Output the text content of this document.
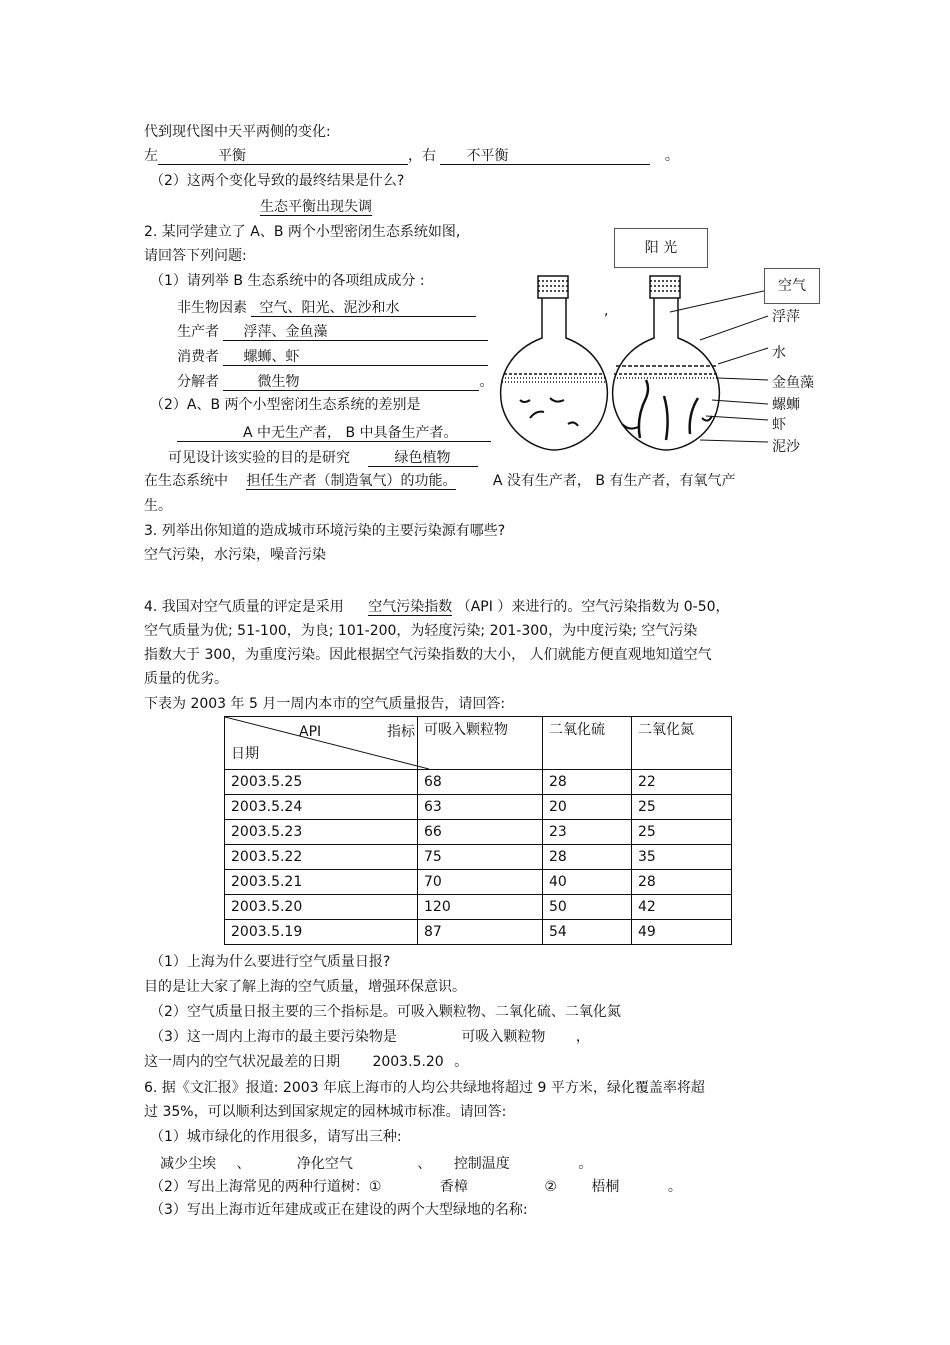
代到现代图中天平两侧的变化:
左	平衡	，右 不平衡	。
（2）这两个变化导致的最终结果是什么?
生态平衡出现失调
2. 某同学建立了 A、B 两个小型密闭生态系统如图,
请回答下列问题:
（1）请列举 B 生态系统中的各项组成成分 :
非生物因素 空气、阳光、泥沙和水	,
生产者 浮萍、金鱼藻
消费者 螺蛳、虾
分解者	微生物	。
（2）A、B 两个小型密闭生态系统的差别是
A 中无生产者， B 中具备生产者。
可见设计该实验的目的是研究	绿色植物
在生态系统中 担任生产者（制造氧气）的功能。	A 没有生产者， B 有生产者，有氧气产
生。
阳 光
空气
浮萍
水
金鱼藻
螺蛳
虾
泥沙
3. 列举出你知道的造成城市环境污染的主要污染源有哪些?
空气污染，水污染，噪音污染
4. 我国对空气质量的评定是采用 空气污染指数 （API ）来进行的。空气污染指数为 0-50，
空气质量为优; 51-100，为良; 101-200，为轻度污染; 201-300，为中度污染; 空气污染
指数大于 300，为重度污染。因此根据空气污染指数的大小， 人们就能方便直观地知道空气
质量的优劣。
下表为 2003 年 5 月一周内本市的空气质量报告，请回答:
API 指标
日期	可吸入颗粒物	二氧化硫	二氧化氮
2003.5.25	68	28	22
2003.5.24	63	20	25
2003.5.23	66	23	25
2003.5.22	75	28	35
2003.5.21	70	40	28
2003.5.20	120	50	42
2003.5.19	87	54	49
（1）上海为什么要进行空气质量日报?
目的是让大家了解上海的空气质量，增强环保意识。
（2）空气质量日报主要的三个指标是。可吸入颗粒物、二氧化硫、二氧化氮
（3）这一周内上海市的最主要污染物是	可吸入颗粒物 ，
这一周内的空气状况最差的日期 2003.5.20 。
6. 据《文汇报》报道: 2003 年底上海市的人均公共绿地将超过 9 平方米，绿化覆盖率将超
过 35%，可以顺利达到国家规定的园林城市标准。请回答:
（1）城市绿化的作用很多，请写出三种:
减少尘埃 、	净化空气	、 控制温度	。
（2）写出上海常见的两种行道树：①	香樟	② 梧桐	。
（3）写出上海市近年建成或正在建设的两个大型绿地的名称:
